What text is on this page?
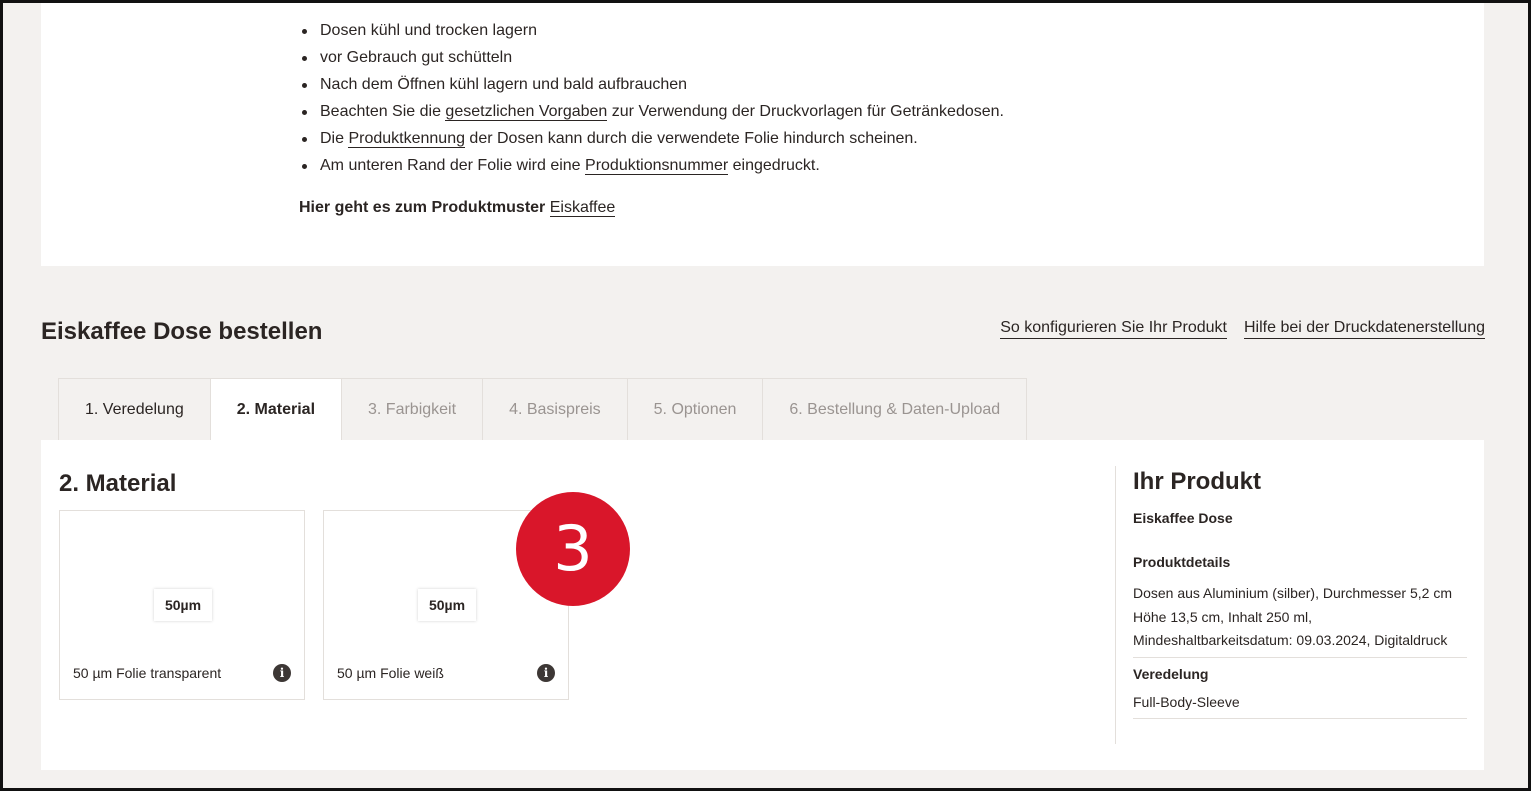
Dosen kühl und trocken lagern
vor Gebrauch gut schütteln
Nach dem Öffnen kühl lagern und bald aufbrauchen
Beachten Sie die gesetzlichen Vorgaben zur Verwendung der Druckvorlagen für Getränkedosen.
Die Produktkennung der Dosen kann durch die verwendete Folie hindurch scheinen.
Am unteren Rand der Folie wird eine Produktionsnummer eingedruckt.
Hier geht es zum Produktmuster Eiskaffee
Eiskaffee Dose bestellen	So konfigurieren Sie Ihr Produkt Hilfe bei der Druckdatenerstellung
1. Veredelung	2. Material	3. Farbigkeit	4. Basispreis	5. Optionen	6. Bestellung & Daten-Upload
2. Material
50µm
50 µm Folie transparent	i
50µm
50 µm Folie weiß	i
3
Ihr Produkt
Eiskaffee Dose
Produktdetails
Dosen aus Aluminium (silber), Durchmesser 5,2 cm Höhe 13,5 cm, Inhalt 250 ml, Mindeshaltbarkeitsdatum: 09.03.2024, Digitaldruck
Veredelung
Full-Body-Sleeve
